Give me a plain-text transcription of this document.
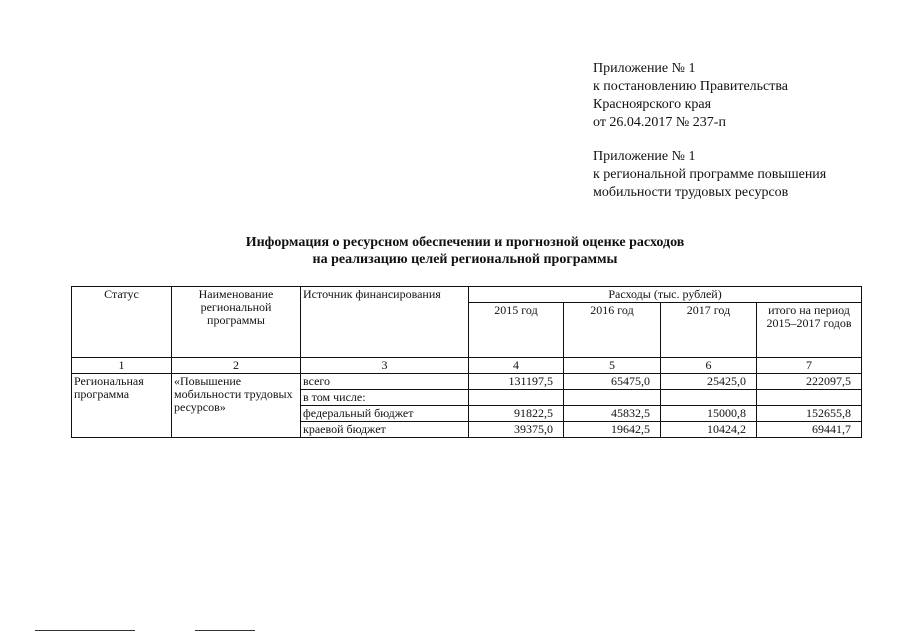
Приложение № 1
к постановлению Правительства
Красноярского края
от 26.04.2017 № 237-п
Приложение № 1
к региональной программе повышения
мобильности трудовых ресурсов
Информация о ресурсном обеспечении и прогнозной оценке расходов
на реализацию целей региональной программы
Статус	Наименование региональной программы	Источник финансирования	Расходы (тыс. рублей)			
			2015 год	2016 год	2017 год	итого на период 2015–2017 годов
1	2	3	4	5	6	7
Региональная программа	«Повышение мобильности трудовых ресурсов»	всего	131197,5	65475,0	25425,0	222097,5
		в том числе:				
		федеральный бюджет	91822,5	45832,5	15000,8	152655,8
		краевой бюджет	39375,0	19642,5	10424,2	69441,7
